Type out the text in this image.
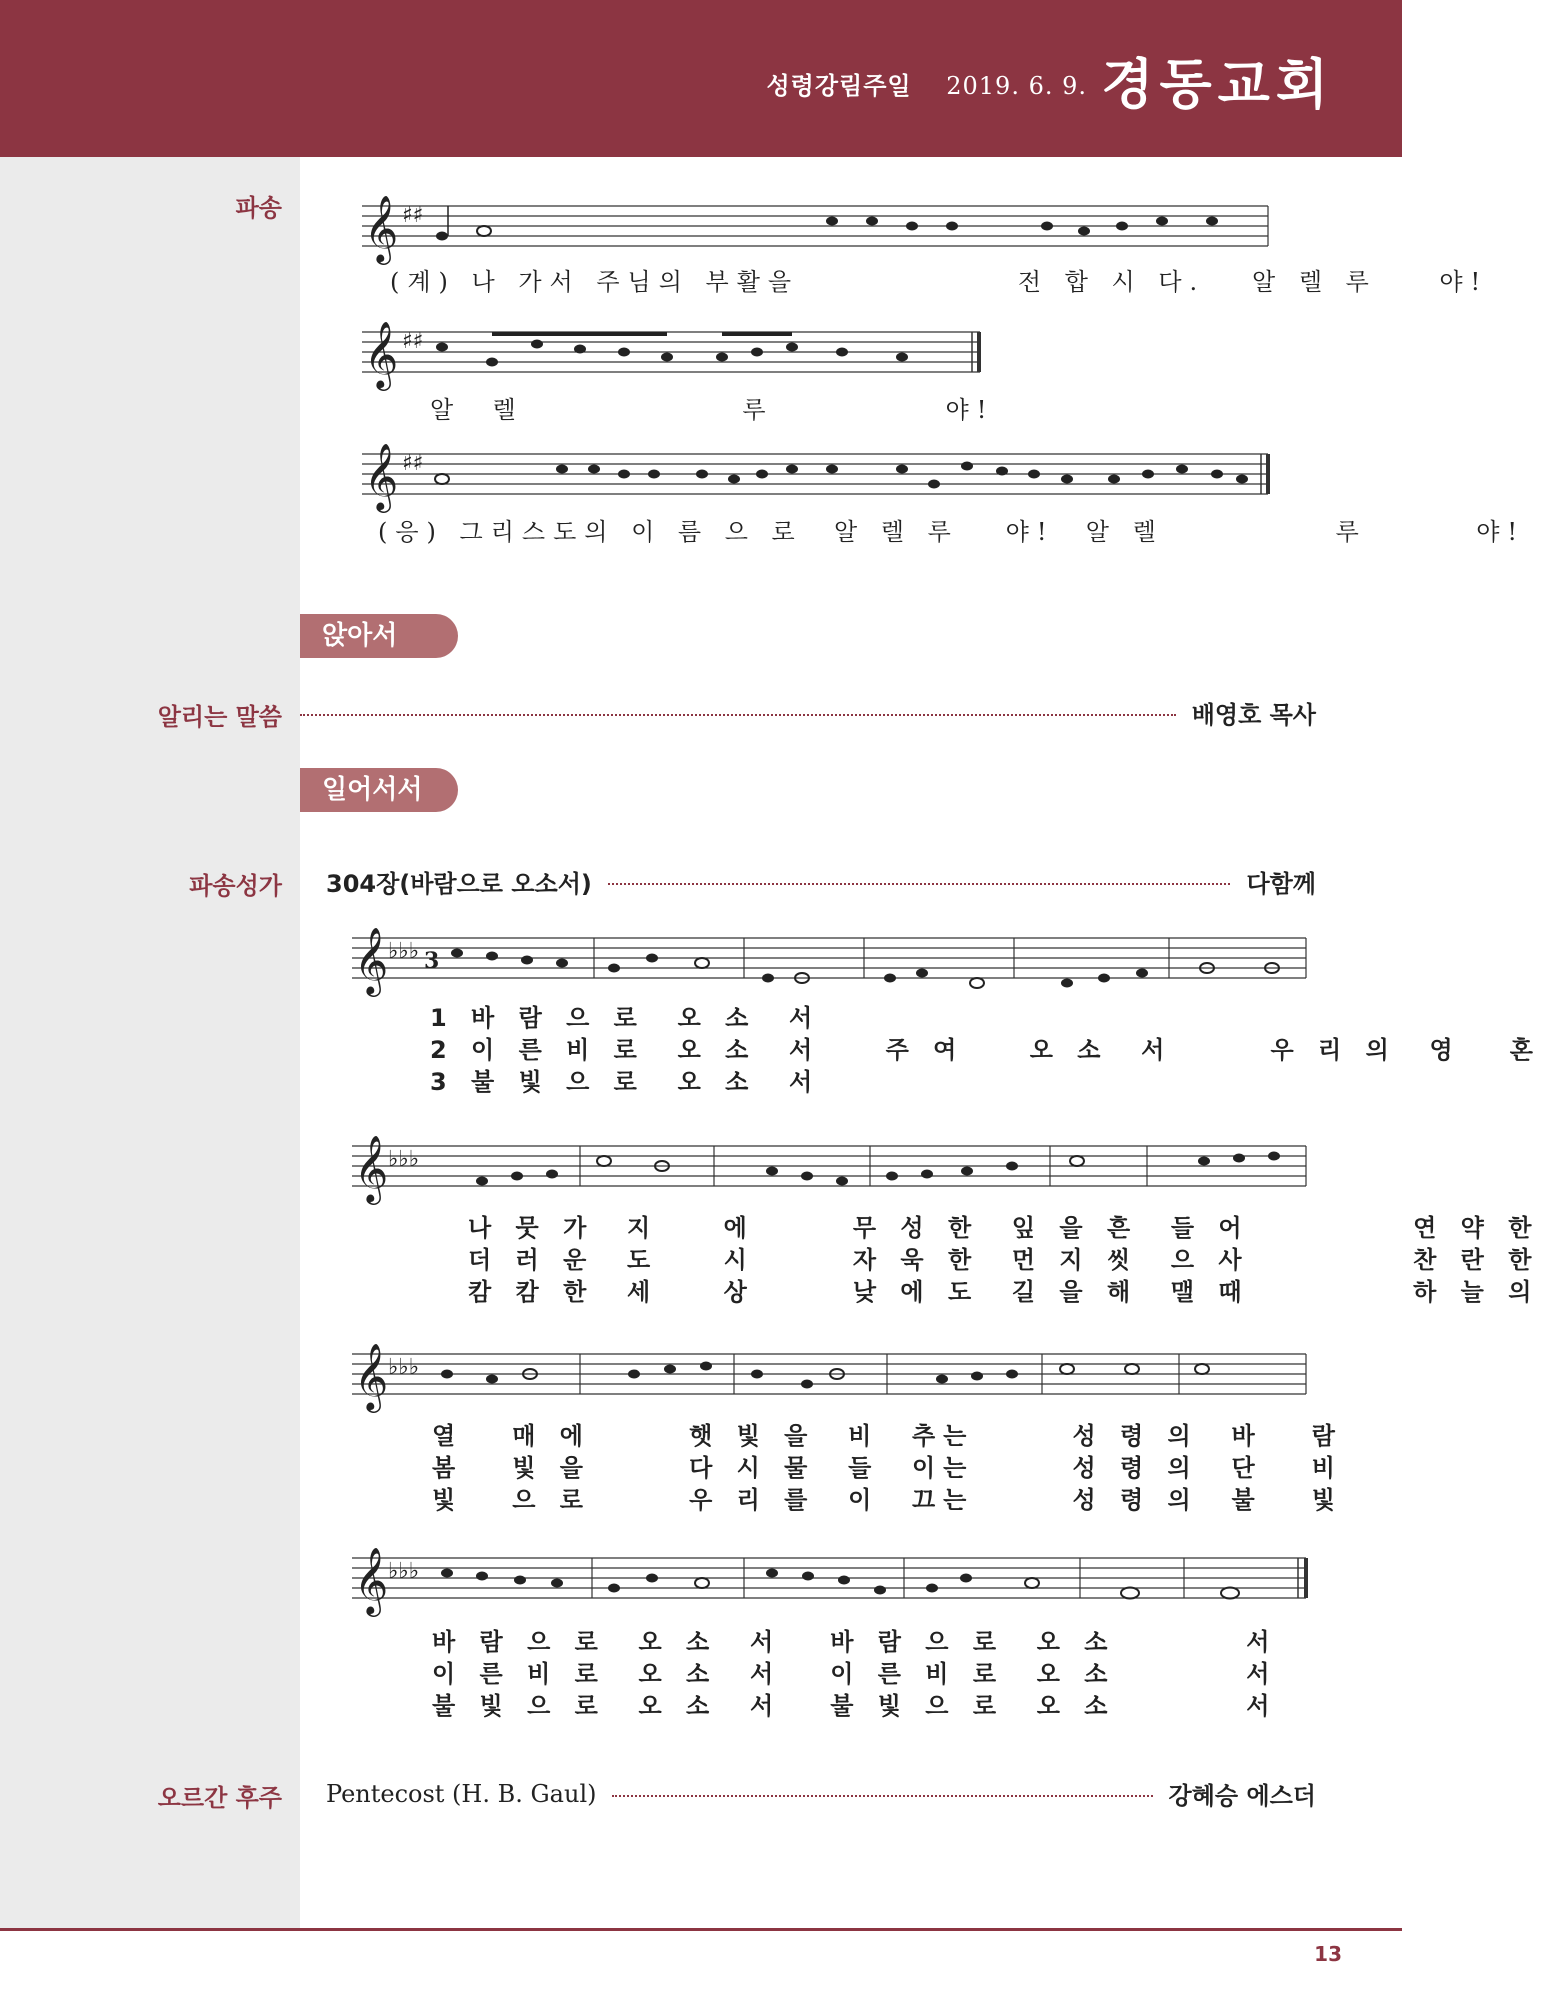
성령강림주일 2019. 6. 9. 경동교회
파송 𝄞 ♯♯
(계) 나 가서 주님의 부활을              전 합 시 다.   알 렐 루    야!
𝄞 ♯♯
알  렐              루           야!
𝄞 ♯♯
(응) 그리스도의 이 름 으 로  알 렐 루   야!  알 렐           루       야!
앉아서
알리는 말씀	배영호 목사
일어서서
파송성가 304장(바람으로 오소서)	다함께
𝄞 ♭♭♭ 3
1 바 람 으 로  오 소  서
2 이 른 비 로  오 소  서    주 여    오 소  서      우 리 의  영   혼
3 불 빛 으 로  오 소  서
𝄞 ♭♭♭
나 뭇 가  지    에      무 성 한  잎 을 흔  들 어          연 약 한
더 러 운  도    시      자 욱 한  먼 지 씻  으 사          찬 란 한
캄 캄 한  세    상      낮 에 도  길 을 해  맬 때          하 늘 의
𝄞 ♭♭♭
열   매 에      햇 빛 을  비  추는      성 령 의  바   람
봄   빛 을      다 시 물  들  이는      성 령 의  단   비
빛   으 로      우 리 를  이  끄는      성 령 의  불   빛
𝄞 ♭♭♭
바 람 으 로  오 소  서   바 람 으 로  오 소        서
이 른 비 로  오 소  서   이 른 비 로  오 소        서
불 빛 으 로  오 소  서   불 빛 으 로  오 소        서
오르간 후주 Pentecost (H. B. Gaul)	강혜승 에스더
13
